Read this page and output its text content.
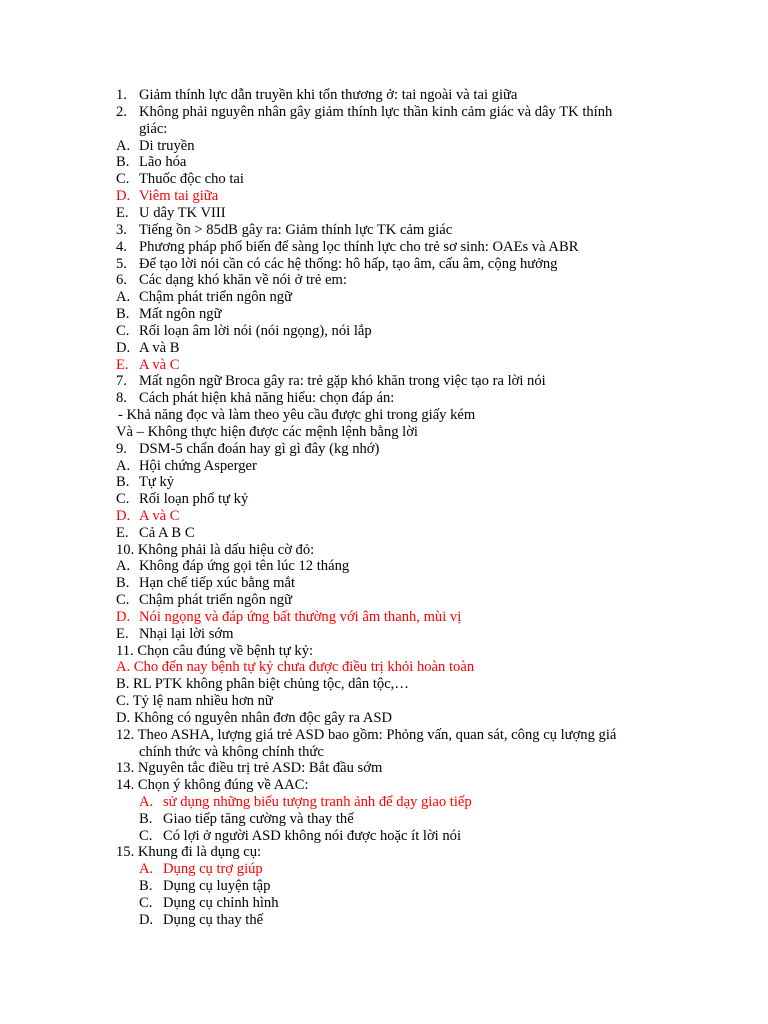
1. Giảm thính lực dẫn truyền khi tổn thương ở: tai ngoài và tai giữa
2. Không phải nguyên nhân gây giảm thính lực thần kinh cảm giác và dây TK thính
giác:
A. Di truyền
B. Lão hóa
C. Thuốc độc cho tai
D. Viêm tai giữa
E. U dây TK VIII
3. Tiếng ồn > 85dB gây ra: Giảm thính lực TK cảm giác
4. Phương pháp phổ biến để sàng lọc thính lực cho trẻ sơ sinh: OAEs và ABR
5. Để tạo lời nói cần có các hệ thống: hô hấp, tạo âm, cấu âm, cộng hưởng
6. Các dạng khó khăn về nói ở trẻ em:
A. Chậm phát triển ngôn ngữ
B. Mất ngôn ngữ
C. Rối loạn âm lời nói (nói ngọng), nói lắp
D. A và B
E. A và C
7. Mất ngôn ngữ Broca gây ra: trẻ gặp khó khăn trong việc tạo ra lời nói
8. Cách phát hiện khả năng hiểu: chọn đáp án:
- Khả năng đọc và làm theo yêu cầu được ghi trong giấy kém
Và – Không thực hiện được các mệnh lệnh bằng lời
9. DSM-5 chẩn đoán hay gì gì đây (kg nhớ)
A. Hội chứng Asperger
B. Tự kỷ
C. Rối loạn phổ tự kỷ
D. A và C
E. Cả A B C
10. Không phải là dấu hiệu cờ đỏ:
A. Không đáp ứng gọi tên lúc 12 tháng
B. Hạn chế tiếp xúc bằng mắt
C. Chậm phát triển ngôn ngữ
D. Nói ngọng và đáp ứng bất thường với âm thanh, mùi vị
E. Nhại lại lời sớm
11. Chọn câu đúng về bệnh tự kỷ:
A. Cho đến nay bệnh tự kỷ chưa được điều trị khỏi hoàn toàn
B. RL PTK không phân biệt chủng tộc, dân tộc,…
C. Tỷ lệ nam nhiều hơn nữ
D. Không có nguyên nhân đơn độc gây ra ASD
12. Theo ASHA, lượng giá trẻ ASD bao gồm: Phỏng vấn, quan sát, công cụ lượng giá
chính thức và không chính thức
13. Nguyên tắc điều trị trẻ ASD: Bắt đầu sớm
14. Chọn ý không đúng về AAC:
A. sử dụng những biểu tượng tranh ảnh để dạy giao tiếp
B. Giao tiếp tăng cường và thay thế
C. Có lợi ở người ASD không nói được hoặc ít lời nói
15. Khung đi là dụng cụ:
A. Dụng cụ trợ giúp
B. Dụng cụ luyện tập
C. Dụng cụ chỉnh hình
D. Dụng cụ thay thế
